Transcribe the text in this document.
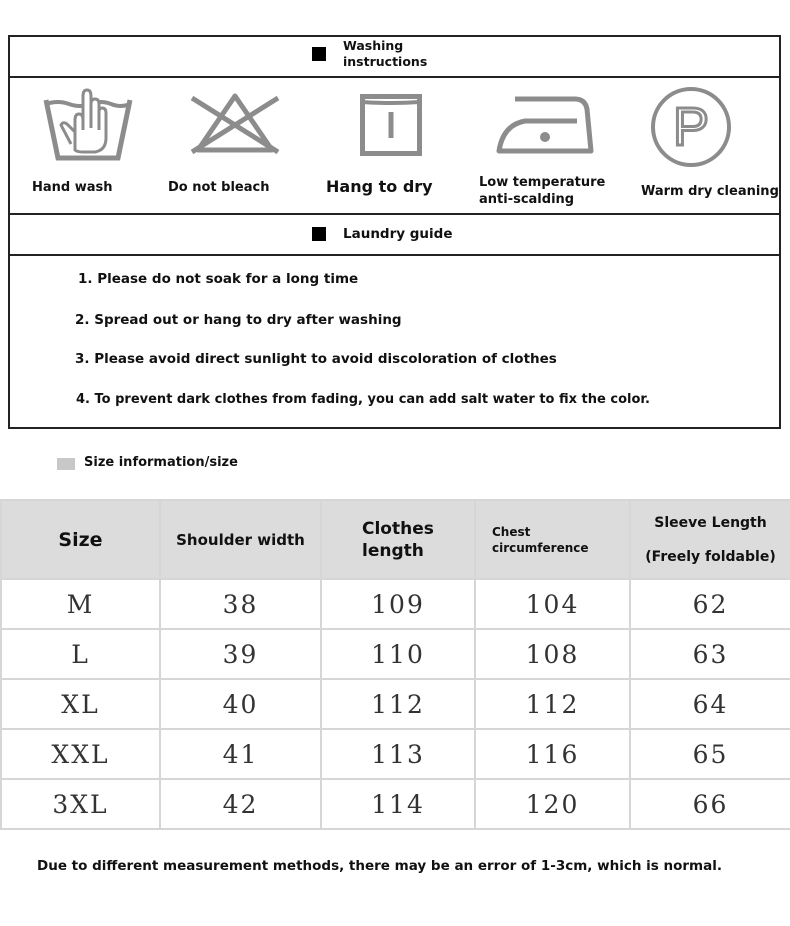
Washing instructions
Hand wash	Do not bleach	Hang to dry	Low temperature anti-scalding
P
Warm dry cleaning
Laundry guide
1. Please do not soak for a long time
2. Spread out or hang to dry after washing
3. Please avoid direct sunlight to avoid discoloration of clothes
4. To prevent dark clothes from fading, you can add salt water to fix the color.
Size information/size
Size	Shoulder width	Clothes length	Chest circumference	Sleeve Length
(Freely foldable)

M	38	109	104	62
L	39	110	108	63
XL	40	112	112	64
XXL	41	113	116	65
3XL	42	114	120	66
Due to different measurement methods, there may be an error of 1-3cm, which is normal.
